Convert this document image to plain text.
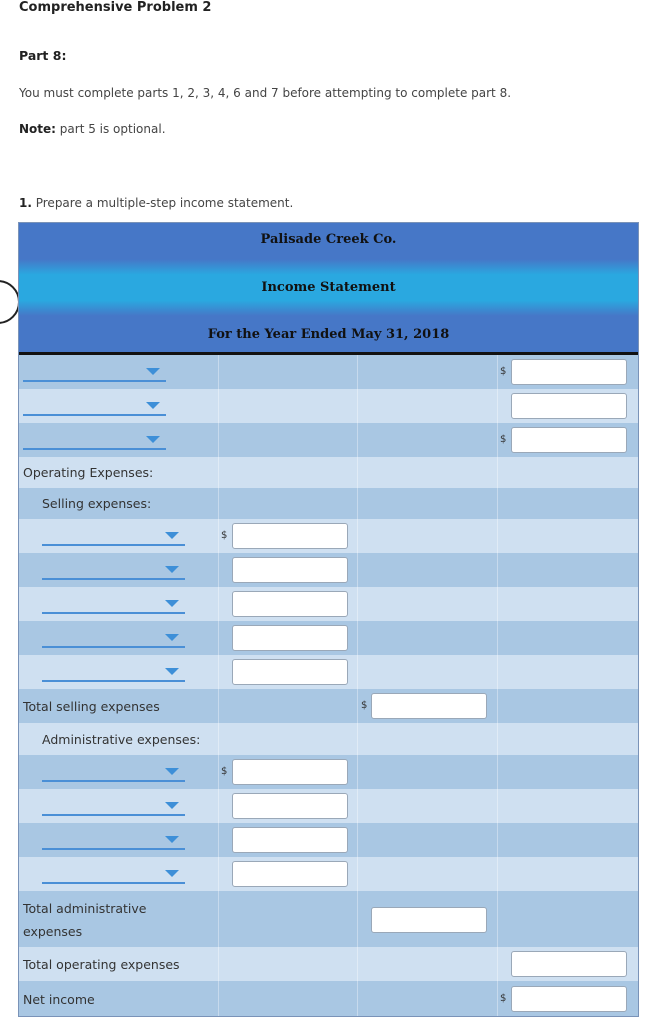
Comprehensive Problem 2
Part 8:
You must complete parts 1, 2, 3, 4, 6 and 7 before attempting to complete part 8.
Note: part 5 is optional.
1. Prepare a multiple-step income statement.
Palisade Creek Co.
Income Statement
For the Year Ended May 31, 2018
$
$
Operating Expenses:
Selling expenses:
$
Total selling expenses	$
Administrative expenses:
$
Total administrative
expenses
Total operating expenses
Net income	$
